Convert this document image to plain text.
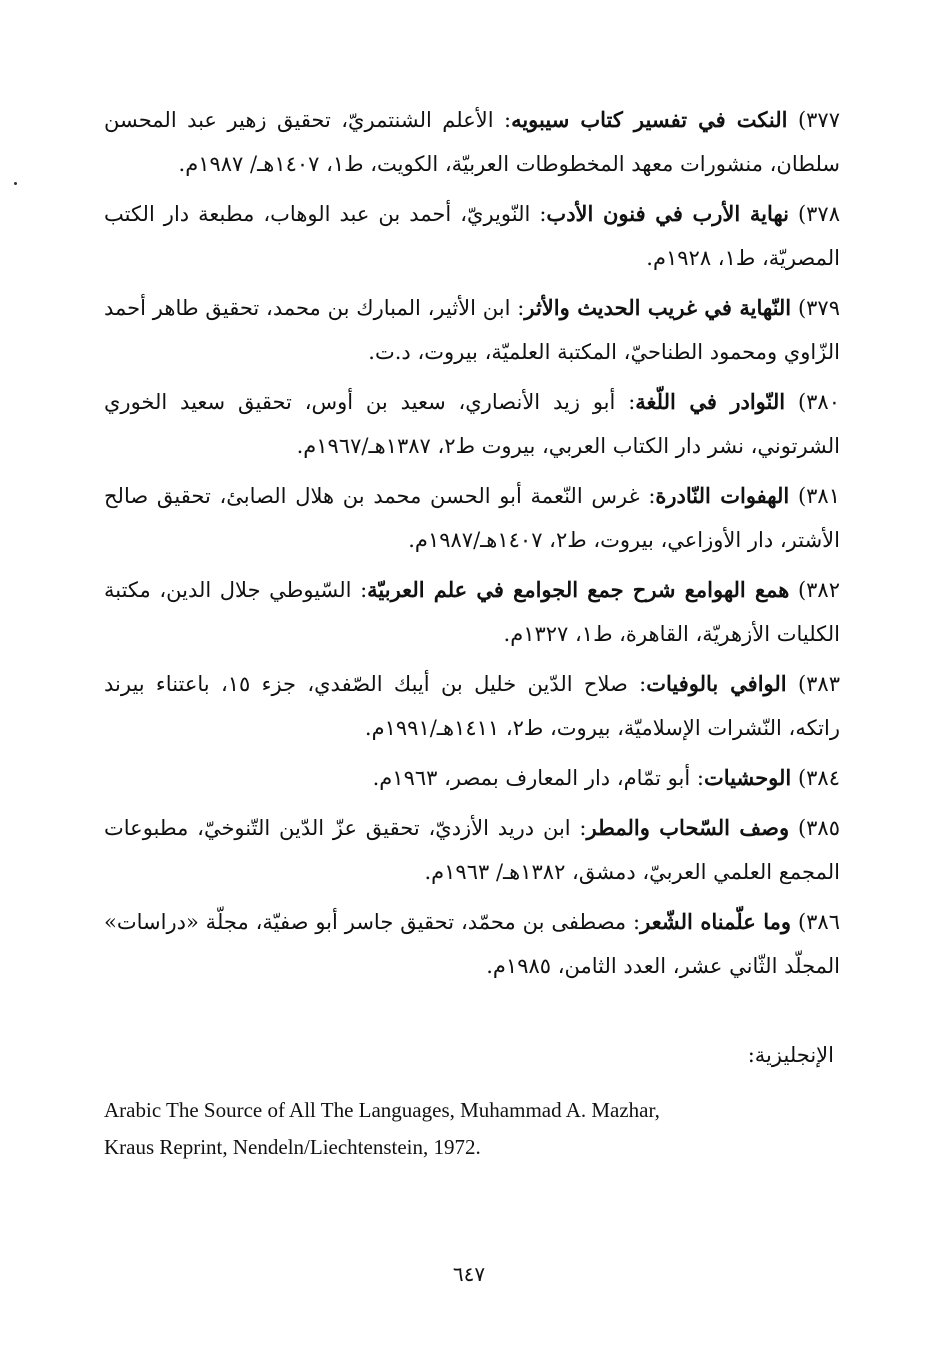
٣٧٧) النكت في تفسير كتاب سيبويه: الأعلم الشنتمريّ، تحقيق زهير عبد المحسن سلطان، منشورات معهد المخطوطات العربيّة، الكويت، ط١، ١٤٠٧هـ/ ١٩٨٧م.

٣٧٨) نهاية الأرب في فنون الأدب: النّويريّ، أحمد بن عبد الوهاب، مطبعة دار الكتب المصريّة، ط١، ١٩٢٨م.

٣٧٩) النّهاية في غريب الحديث والأثر: ابن الأثير، المبارك بن محمد، تحقيق طاهر أحمد الزّاوي ومحمود الطناحيّ، المكتبة العلميّة، بيروت، د.ت.

٣٨٠) النّوادر في اللّغة: أبو زيد الأنصاري، سعيد بن أوس، تحقيق سعيد الخوري الشرتوني، نشر دار الكتاب العربي، بيروت ط٢، ١٣٨٧هـ/١٩٦٧م.

٣٨١) الهفوات النّادرة: غرس النّعمة أبو الحسن محمد بن هلال الصابئ، تحقيق صالح الأشتر، دار الأوزاعي، بيروت، ط٢، ١٤٠٧هـ/١٩٨٧م.

٣٨٢) همع الهوامع شرح جمع الجوامع في علم العربيّة: السّيوطي جلال الدين، مكتبة الكليات الأزهريّة، القاهرة، ط١، ١٣٢٧م.

٣٨٣) الوافي بالوفيات: صلاح الدّين خليل بن أيبك الصّفدي، جزء ١٥، باعتناء بيرند راتكه، النّشرات الإسلاميّة، بيروت، ط٢، ١٤١١هـ/١٩٩١م.

٣٨٤) الوحشيات: أبو تمّام، دار المعارف بمصر، ١٩٦٣م.

٣٨٥) وصف السّحاب والمطر: ابن دريد الأزديّ، تحقيق عزّ الدّين التّنوخيّ، مطبوعات المجمع العلمي العربيّ، دمشق، ١٣٨٢هـ/ ١٩٦٣م.

٣٨٦) وما علّمناه الشّعر: مصطفى بن محمّد، تحقيق جاسر أبو صفيّة، مجلّة «دراسات» المجلّد الثّاني عشر، العدد الثامن، ١٩٨٥م.

الإنجليزية:
Arabic The Source of All The Languages, Muhammad A. Mazhar,
Kraus Reprint, Nendeln/Liechtenstein, 1972.
٦٤٧
